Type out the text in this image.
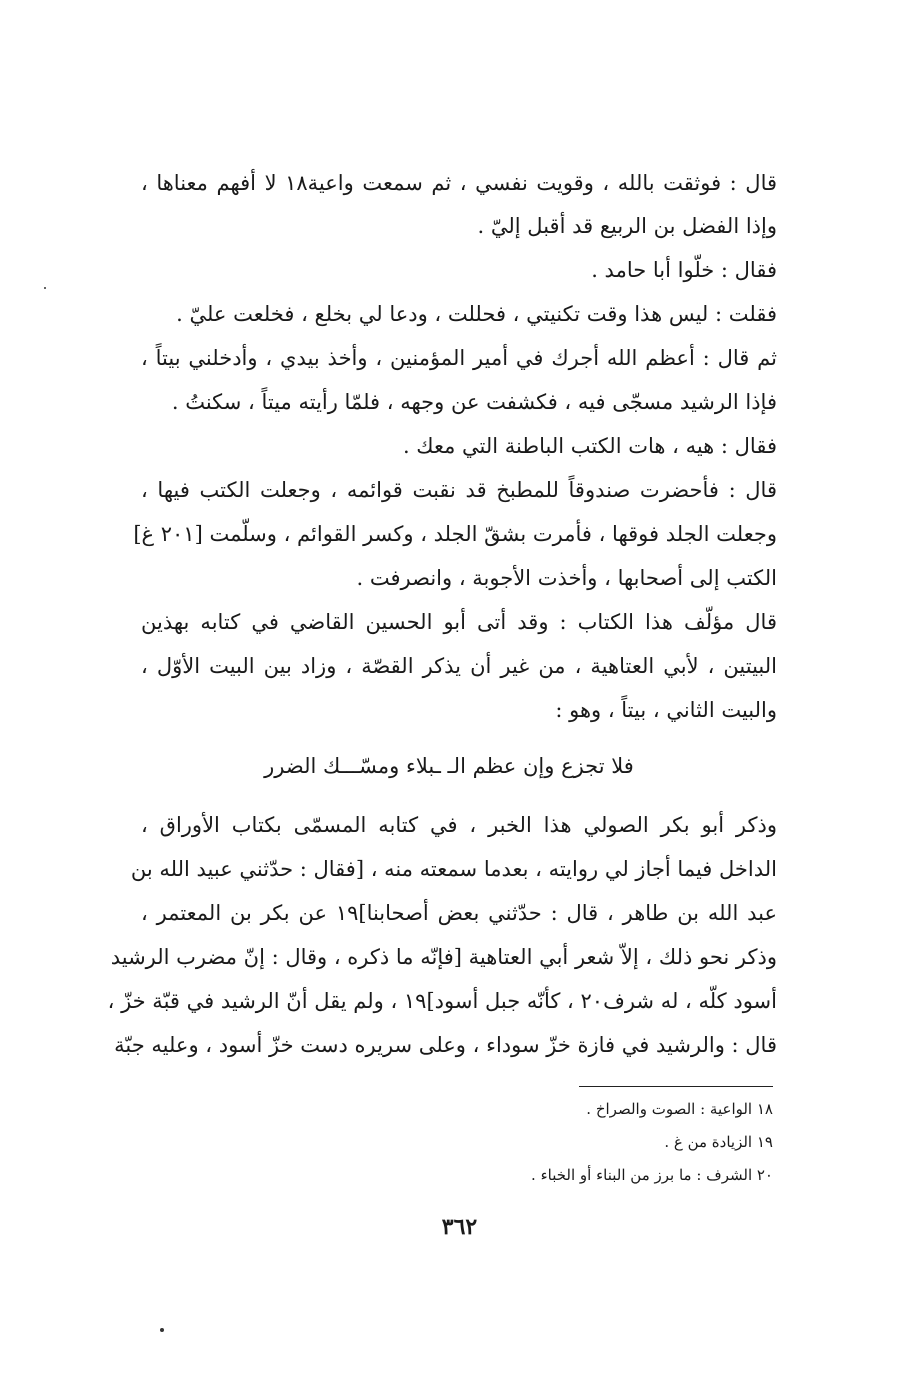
قال : فوثقت بالله ، وقويت نفسي ، ثم سمعت واعية١٨ لا أفهم معناها ،
وإذا الفضل بن الربيع قد أقبل إليّ .
فقال : خلّوا أبا حامد .
فقلت : ليس هذا وقت تكنيتي ، فحللت ، ودعا لي بخلع ، فخلعت عليّ .
ثم قال : أعظم الله أجرك في أمير المؤمنين ، وأخذ بيدي ، وأدخلني بيتاً ،
فإذا الرشيد مسجّى فيه ، فكشفت عن وجهه ، فلمّا رأيته ميتاً ، سكنتُ .
فقال : هيه ، هات الكتب الباطنة التي معك .
قال : فأحضرت صندوقاً للمطبخ قد نقبت قوائمه ، وجعلت الكتب فيها ،
وجعلت الجلد فوقها ، فأمرت بشقّ الجلد ، وكسر القوائم ، وسلّمت [٢٠١ غ]
الكتب إلى أصحابها ، وأخذت الأجوبة ، وانصرفت .
قال مؤلّف هذا الكتاب : وقد أتى أبو الحسين القاضي في كتابه بهذين
البيتين ، لأبي العتاهية ، من غير أن يذكر القصّة ، وزاد بين البيت الأوّل ،
والبيت الثاني ، بيتاً ، وهو :
فلا تجزع وإن عظم الـ ـبلاء ومسّـــك الضرر
وذكر أبو بكر الصولي هذا الخبر ، في كتابه المسمّى بكتاب الأوراق ،
الداخل فيما أجاز لي روايته ، بعدما سمعته منه ، [فقال : حدّثني عبيد الله بن
عبد الله بن طاهر ، قال : حدّثني بعض أصحابنا]١٩ عن بكر بن المعتمر ،
وذكر نحو ذلك ، إلاّ شعر أبي العتاهية [فإنّه ما ذكره ، وقال : إنّ مضرب الرشيد
أسود كلّه ، له شرف٢٠ ، كأنّه جبل أسود]١٩ ، ولم يقل أنّ الرشيد في قبّة خزّ ،
قال : والرشيد في فازة خزّ سوداء ، وعلى سريره دست خزّ أسود ، وعليه جبّة
١٨ الواعية : الصوت والصراخ .
١٩ الزيادة من غ .
٢٠ الشرف : ما برز من البناء أو الخباء .
٣٦٢
